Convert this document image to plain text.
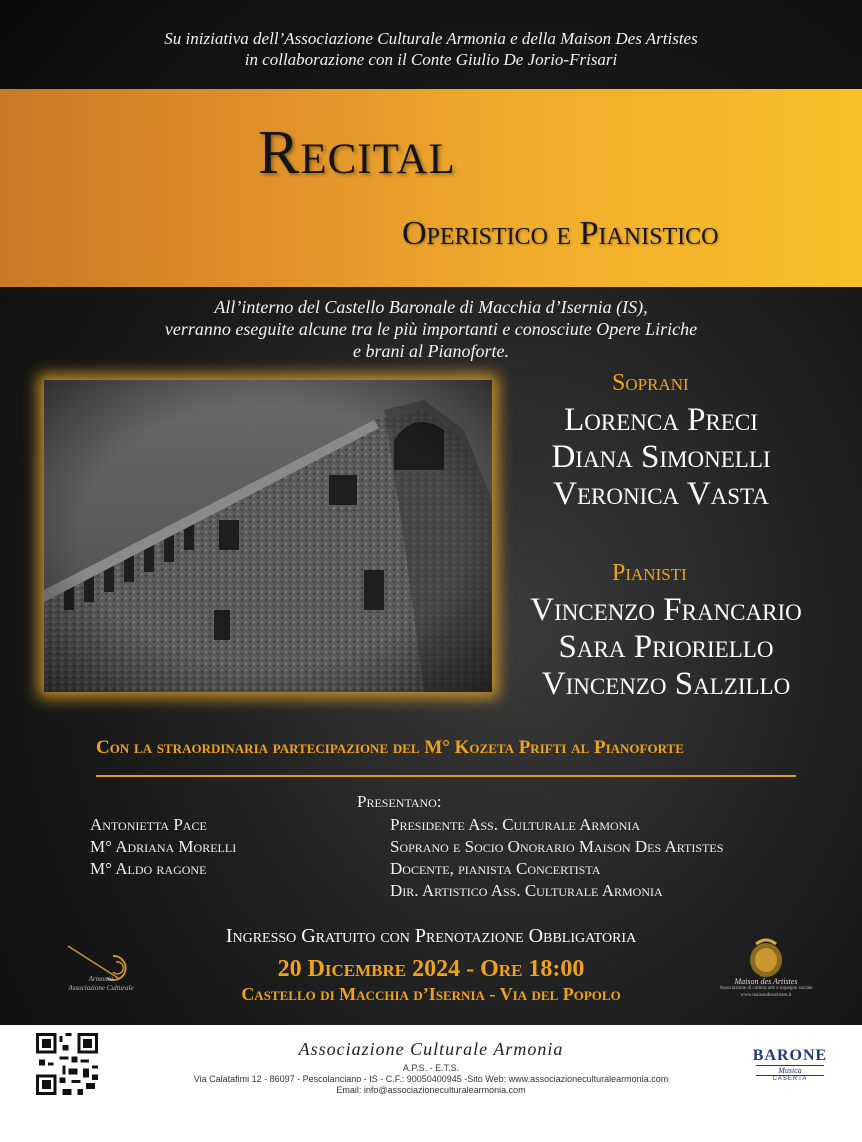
Su iniziativa dell’Associazione Culturale Armonia e della Maison Des Artistes
in collaborazione con il Conte Giulio De Jorio-Frisari
Recital
Operistico e Pianistico
All’interno del Castello Baronale di Macchia d’Isernia (IS),
verranno eseguite alcune tra le più importanti e conosciute Opere Liriche
e brani al Pianoforte.
Soprani
Lorenca Preci
Diana Simonelli
Veronica Vasta
Pianisti
Vincenzo Francario
Sara Prioriello
Vincenzo Salzillo
Con la straordinaria partecipazione del M° Kozeta Prifti al Pianoforte
Presentano:
Antonietta Pace
M° Adriana Morelli
M° Aldo ragone
Presidente Ass. Culturale Armonia
Soprano e Socio Onorario Maison Des Artistes
Docente, pianista Concertista
Dir. Artistico Ass. Culturale Armonia
Ingresso Gratuito con Prenotazione Obbligatoria
20 Dicembre 2024 - Ore 18:00
Castello di Macchia d’Isernia - Via del Popolo
Armonia
Associazione Culturale
Maison des Artistes
Associazione di cultura arte e impegno sociale
www.maisondesartistes.it
Associazione Culturale Armonia
A.P.S. - E.T.S.
Via Calatafimi 12 - 86097 - Pescolanciano - IS - C.F.: 90050400945 -Sito Web: www.associazioneculturalearmonia.com
Email: info@associazioneculturalearmonia.com
BARONE
Musica
CASERTA
